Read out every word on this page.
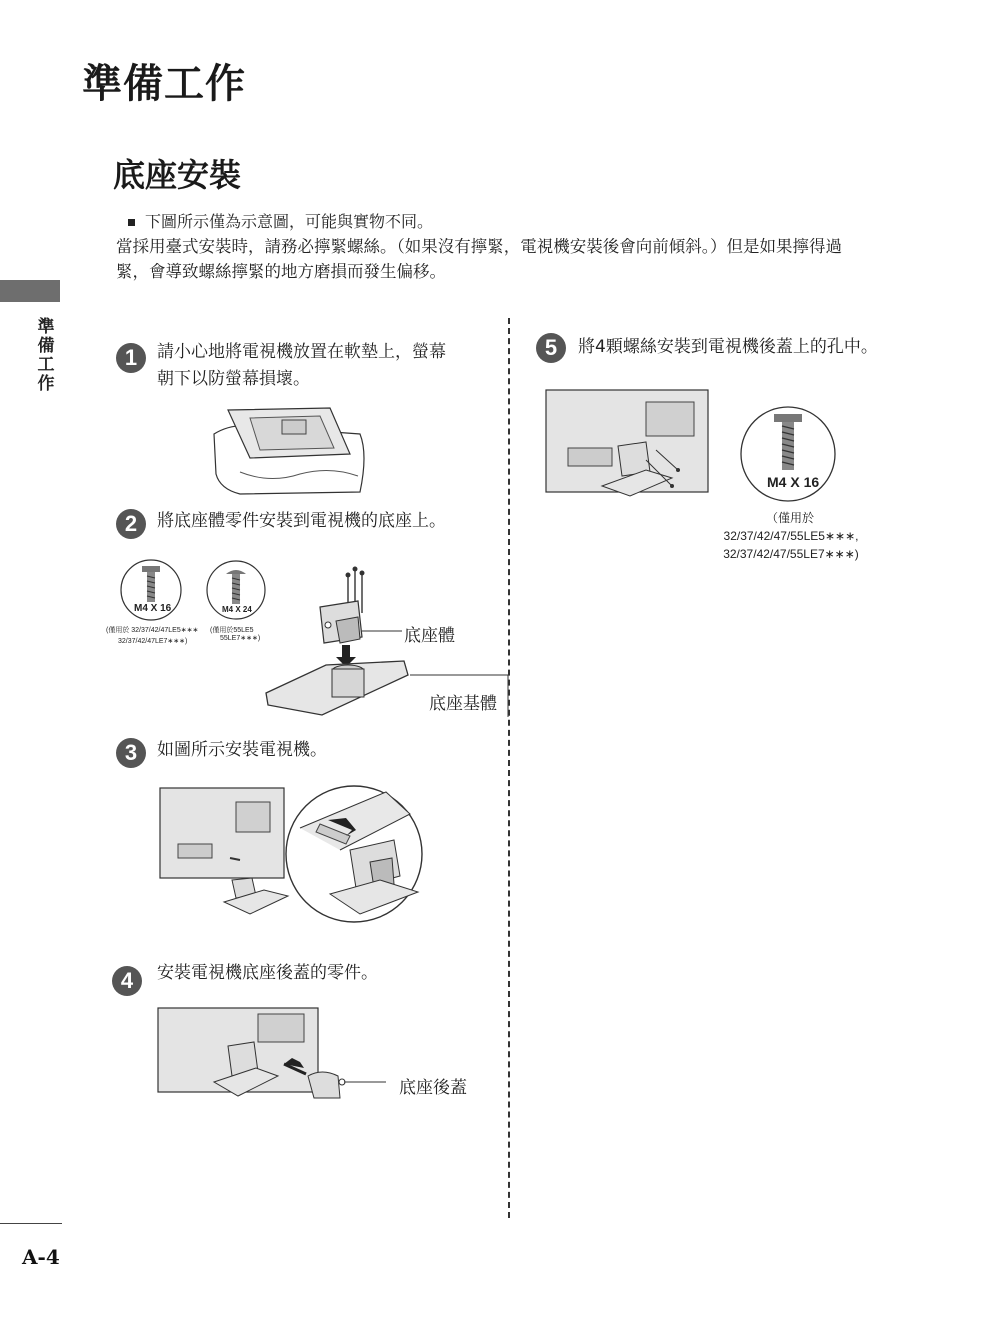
準備工作
底座安裝
下圖所示僅為示意圖，可能與實物不同。
當採用臺式安裝時，請務必擰緊螺絲。（如果沒有擰緊，電視機安裝後會向前傾斜。）但是如果擰得過緊，會導致螺絲擰緊的地方磨損而發生偏移。
準備工作
1	請小心地將電視機放置在軟墊上，螢幕朝下以防螢幕損壞。
2	將底座體零件安裝到電視機的底座上。
M4 X 16
(僅用於 32/37/42/47LE5∗∗∗
32/37/42/47LE7∗∗∗)
M4 X 24
(僅用於55LE5
55LE7∗∗∗)	底座體
底座基體
3	如圖所示安裝電視機。
4	安裝電視機底座後蓋的零件。
底座後蓋
5	將4顆螺絲安裝到電視機後蓋上的孔中。
M4 X 16
（僅用於
32/37/42/47/55LE5∗∗∗,
32/37/42/47/55LE7∗∗∗)
A-4
